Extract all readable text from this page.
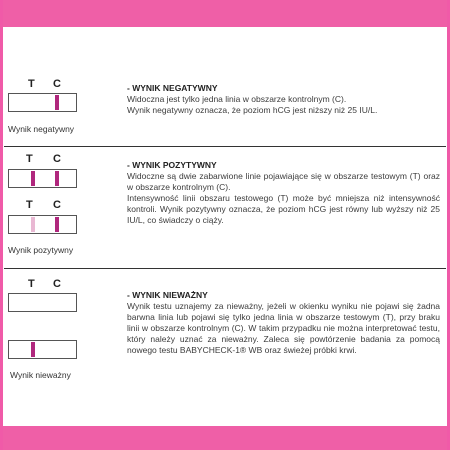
T C
Wynik negatywny
- WYNIK NEGATYWNY
Widoczna jest tylko jedna linia w obszarze kontrolnym (C).
Wynik negatywny oznacza, że poziom hCG jest niższy niż 25 IU/L.
T C
T C
Wynik pozytywny
- WYNIK POZYTYWNY
Widoczne są dwie zabarwione linie pojawiające się w obszarze testowym (T) oraz w obszarze kontrolnym (C).
Intensywność linii obszaru testowego (T) może być mniejsza niż intensywność kontroli. Wynik pozytywny oznacza, że poziom hCG jest równy lub wyższy niż 25 IU/L, co świadczy o ciąży.
T C
Wynik nieważny
- WYNIK NIEWAŻNY
Wynik testu uznajemy za nieważny, jeżeli w okienku wyniku nie pojawi się żadna barwna linia lub pojawi się tylko jedna linia w obszarze testowym (T), przy braku linii w obszarze kontrolnym (C). W takim przypadku nie można interpretować testu, który należy uznać za nieważny. Zaleca się powtórzenie badania za pomocą nowego testu BABYCHECK-1® WB oraz świeżej próbki krwi.
